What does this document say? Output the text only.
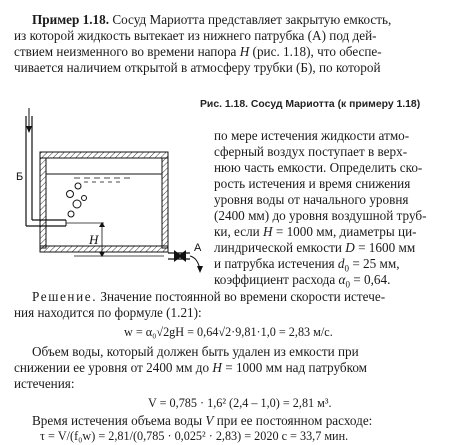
Пример 1.18. Сосуд Мариотта представляет закрытую емкость,
из которой жидкость вытекает из нижнего патрубка (А) под дей-
ствием неизменного во времени напора H (рис. 1.18), что обеспе-
чивается наличием открытой в атмосферу трубки (Б), по которой
Б
H
А
Рис. 1.18. Сосуд Мариотта (к примеру 1.18)
по мере истечения жидкости атмо-
сферный воздух поступает в верх-
нюю часть емкости. Определить ско-
рость истечения и время снижения
уровня воды от начального уровня
(2400 мм) до уровня воздушной труб-
ки, если H = 1000 мм, диаметры ци-
линдрической емкости D = 1600 мм
и патрубка истечения $d_0 = 25$ мм,
коэффициент расхода $\alpha_0 = 0,64$.
Решение. Значение постоянной во времени скорости истече-
ния находится по формуле (1.21):
w = α₀√2gH = 0,64√2·9,81·1,0 = 2,83 м/с.
Объем воды, который должен быть удален из емкости при
снижении ее уровня от 2400 мм до H = 1000 мм над патрубком
истечения:
V = 0,785 · 1,6² (2,4 – 1,0) = 2,81 м³.
Время истечения объема воды V при ее постоянном расходе:
τ = V/(f₀w) = 2,81/(0,785 · 0,025² · 2,83) = 2020 с = 33,7 мин.
